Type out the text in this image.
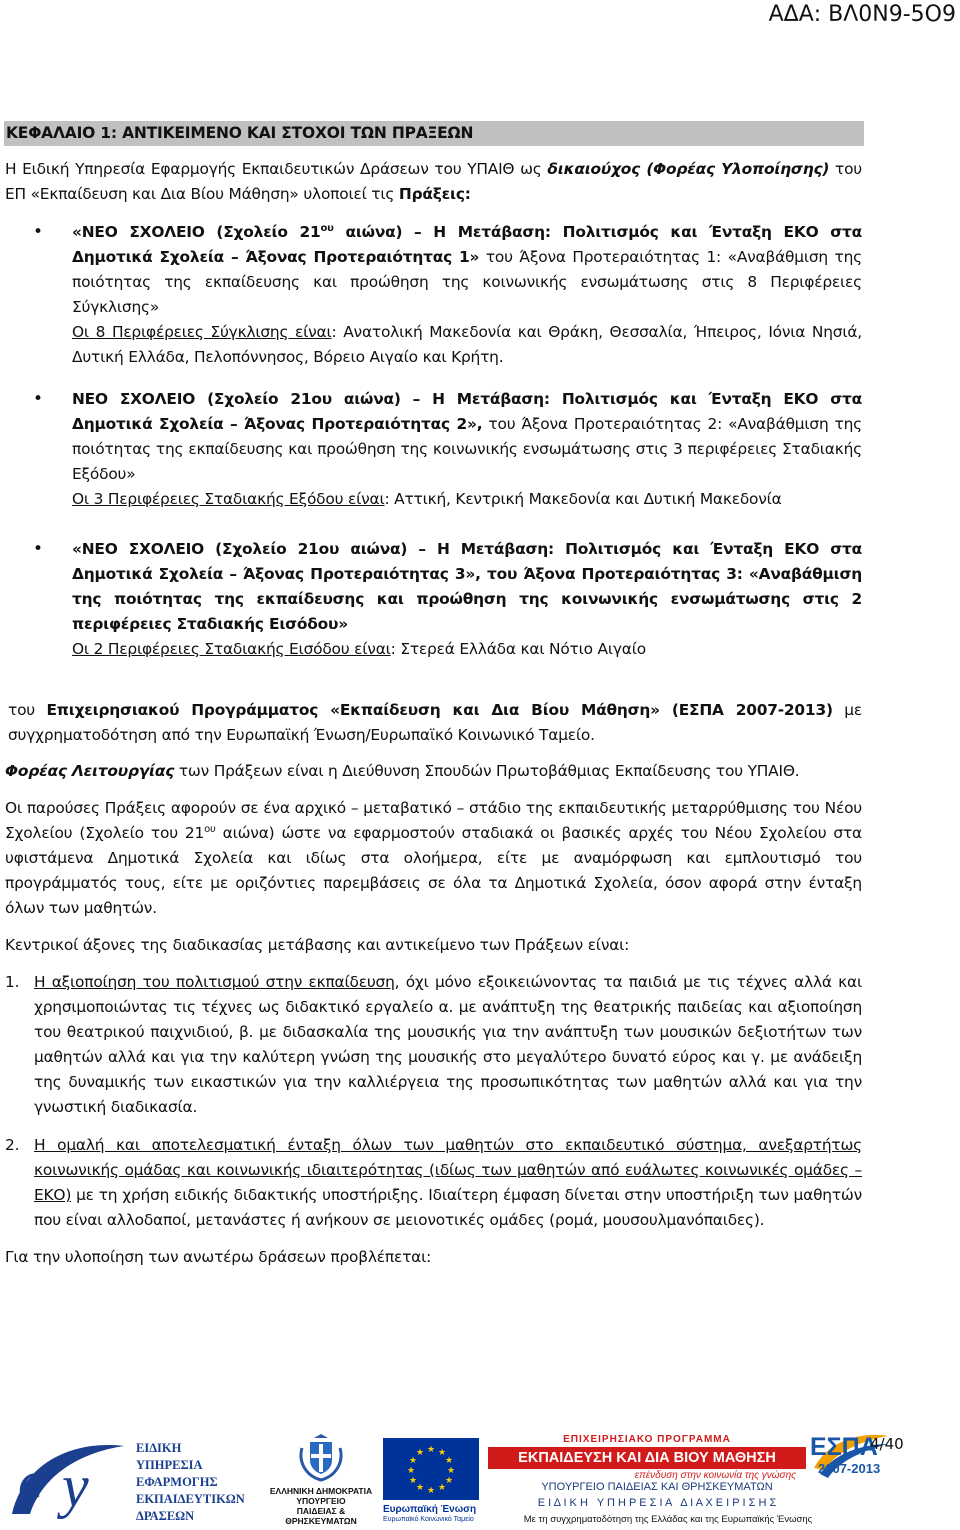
ΑΔΑ: ΒΛ0Ν9-5Ο9
ΚΕΦΑΛΑΙΟ 1: ΑΝΤΙΚΕΙΜΕΝΟ ΚΑΙ ΣΤΟΧΟΙ ΤΩΝ ΠΡΑΞΕΩΝ

Η Ειδική Υπηρεσία Εφαρμογής Εκπαιδευτικών Δράσεων του ΥΠΑΙΘ ως δικαιούχος (Φορέας Υλοποίησης) του ΕΠ «Εκπαίδευση και Δια Βίου Μάθηση» υλοποιεί τις Πράξεις:

• «ΝΕΟ ΣΧΟΛΕΙΟ (Σχολείο $21^{o\upsilon}$ αιώνα) – Η Μετάβαση: Πολιτισμός και Ένταξη ΕΚΟ στα Δημοτικά Σχολεία – Άξονας Προτεραιότητας 1» του Άξονα Προτεραιότητας 1: «Αναβάθμιση της ποιότητας της εκπαίδευσης και προώθηση της κοινωνικής ενσωμάτωσης στις 8 Περιφέρειες Σύγκλισης»
Οι 8 Περιφέρειες Σύγκλισης είναι: Ανατολική Μακεδονία και Θράκη, Θεσσαλία, Ήπειρος, Ιόνια Νησιά, Δυτική Ελλάδα, Πελοπόννησος, Βόρειο Αιγαίο και Κρήτη.
• ΝΕΟ ΣΧΟΛΕΙΟ (Σχολείο 21ου αιώνα) – Η Μετάβαση: Πολιτισμός και Ένταξη ΕΚΟ στα Δημοτικά Σχολεία – Άξονας Προτεραιότητας 2», του Άξονα Προτεραιότητας 2: «Αναβάθμιση της ποιότητας της εκπαίδευσης και προώθηση της κοινωνικής ενσωμάτωσης στις 3 περιφέρειες Σταδιακής Εξόδου»
Οι 3 Περιφέρειες Σταδιακής Εξόδου είναι: Αττική, Κεντρική Μακεδονία και Δυτική Μακεδονία
• «ΝΕΟ ΣΧΟΛΕΙΟ (Σχολείο 21ου αιώνα) – Η Μετάβαση: Πολιτισμός και Ένταξη ΕΚΟ στα Δημοτικά Σχολεία – Άξονας Προτεραιότητας 3», του Άξονα Προτεραιότητας 3: «Αναβάθμιση της ποιότητας της εκπαίδευσης και προώθηση της κοινωνικής ενσωμάτωσης στις 2 περιφέρειες Σταδιακής Εισόδου»
Οι 2 Περιφέρειες Σταδιακής Εισόδου είναι: Στερεά Ελλάδα και Νότιο Αιγαίο

του Επιχειρησιακού Προγράμματος «Εκπαίδευση και Δια Βίου Μάθηση» (ΕΣΠΑ 2007-2013) με συγχρηματοδότηση από την Ευρωπαϊκή Ένωση/Ευρωπαϊκό Κοινωνικό Ταμείο.

Φορέας Λειτουργίας των Πράξεων είναι η Διεύθυνση Σπουδών Πρωτοβάθμιας Εκπαίδευσης του ΥΠΑΙΘ.

Οι παρούσες Πράξεις αφορούν σε ένα αρχικό – μεταβατικό – στάδιο της εκπαιδευτικής μεταρρύθμισης του Νέου Σχολείου (Σχολείο του $21^{o\upsilon}$ αιώνα) ώστε να εφαρμοστούν σταδιακά οι βασικές αρχές του Νέου Σχολείου στα υφιστάμενα Δημοτικά Σχολεία και ιδίως στα ολοήμερα, είτε με αναμόρφωση και εμπλουτισμό του προγράμματός τους, είτε με οριζόντιες παρεμβάσεις σε όλα τα Δημοτικά Σχολεία, όσον αφορά στην ένταξη όλων των μαθητών.

Κεντρικοί άξονες της διαδικασίας μετάβασης και αντικείμενο των Πράξεων είναι:

1. Η αξιοποίηση του πολιτισμού στην εκπαίδευση, όχι μόνο εξοικειώνοντας τα παιδιά με τις τέχνες αλλά και χρησιμοποιώντας τις τέχνες ως διδακτικό εργαλείο α. με ανάπτυξη της θεατρικής παιδείας και αξιοποίηση του θεατρικού παιχνιδιού, β. με διδασκαλία της μουσικής για την ανάπτυξη των μουσικών δεξιοτήτων των μαθητών αλλά και για την καλύτερη γνώση της μουσικής στο μεγαλύτερο δυνατό εύρος και γ. με ανάδειξη της δυναμικής των εικαστικών για την καλλιέργεια της προσωπικότητας των μαθητών αλλά και για την γνωστική διαδικασία.
2. Η ομαλή και αποτελεσματική ένταξη όλων των μαθητών στο εκπαιδευτικό σύστημα, ανεξαρτήτως κοινωνικής ομάδας και κοινωνικής ιδιαιτερότητας (ιδίως των μαθητών από ευάλωτες κοινωνικές ομάδες – ΕΚΟ) με τη χρήση ειδικής διδακτικής υποστήριξης. Ιδιαίτερη έμφαση δίνεται στην υποστήριξη των μαθητών που είναι αλλοδαποί, μετανάστες ή ανήκουν σε μειονοτικές ομάδες (ρομά, μουσουλμανόπαιδες).

Για την υλοποίηση των ανωτέρω δράσεων προβλέπεται:

e y
ΕΙΔΙΚΗ
ΥΠΗΡΕΣΙΑ
ΕΦΑΡΜΟΓΗΣ
ΕΚΠΑΙΔΕΥΤΙΚΩΝ
ΔΡΑΣΕΩΝ
ΕΛΛΗΝΙΚΗ ΔΗΜΟΚΡΑΤΙΑ
ΥΠΟΥΡΓΕΙΟ
ΠΑΙΔΕΙΑΣ & ΘΡΗΣΚΕΥΜΑΤΩΝ
★ ★
★
★
★
★
★
★
★
★
★
★
Ευρωπαϊκή Ένωση
Ευρωπαϊκό Κοινωνικό Ταμείο
ΕΠΙΧΕΙΡΗΣΙΑΚΟ ΠΡΟΓΡΑΜΜΑ
ΕΚΠΑΙΔΕΥΣΗ ΚΑΙ ΔΙΑ ΒΙΟΥ ΜΑΘΗΣΗ
επένδυση στην κοινωνία της γνώσης
ΕΣΠΑ
2007-2013
ΥΠΟΥΡΓΕΙΟ ΠΑΙΔΕΙΑΣ ΚΑΙ ΘΡΗΣΚΕΥΜΑΤΩΝ
Ε Ι Δ Ι Κ Η   Υ Π Η Ρ Ε Σ Ι Α   Δ Ι Α Χ Ε Ι Ρ Ι Σ Η Σ
Με τη συγχρηματοδότηση της Ελλάδας και της Ευρωπαϊκής Ένωσης
4/40
